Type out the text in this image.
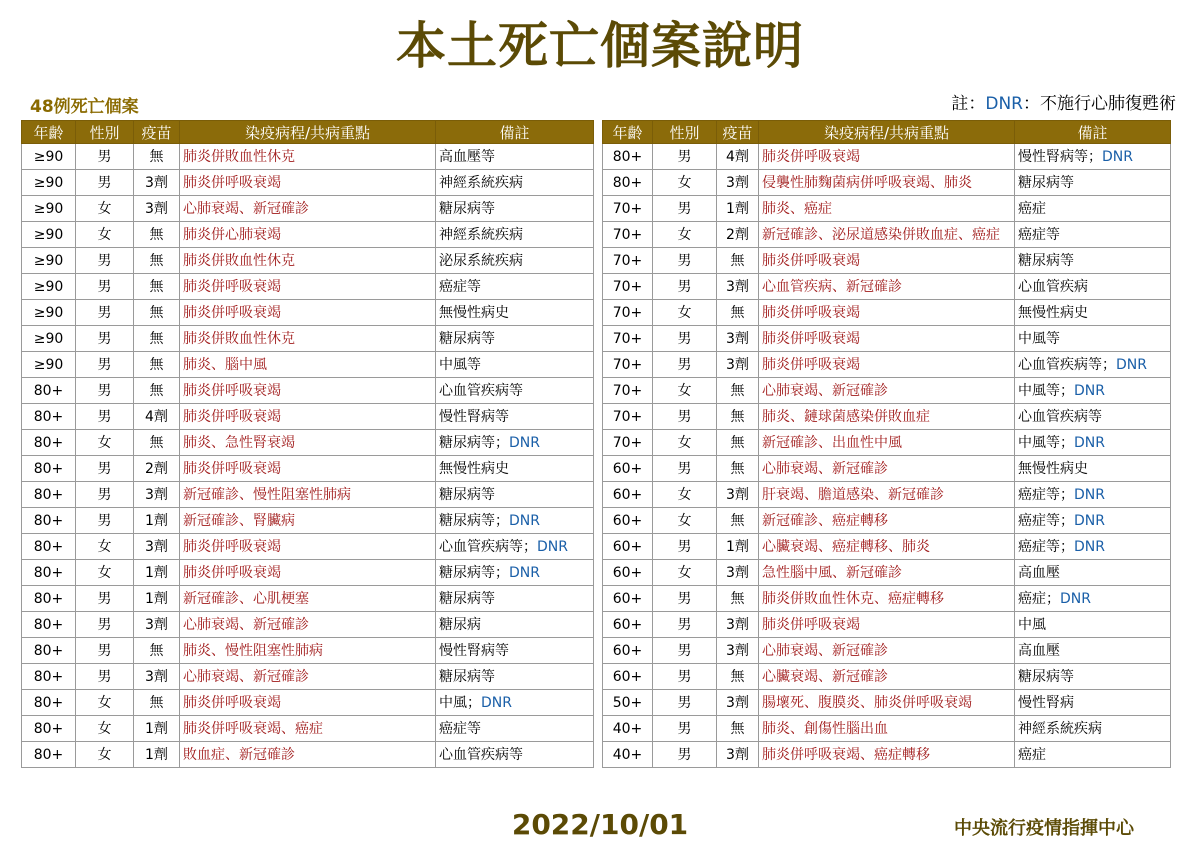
本土死亡個案說明
48例死亡個案	註：DNR：不施行心肺復甦術
年齡	性別	疫苗	染疫病程/共病重點	備註
≥90	男	無	肺炎併敗血性休克	高血壓等
≥90	男	3劑	肺炎併呼吸衰竭	神經系統疾病
≥90	女	3劑	心肺衰竭、新冠確診	糖尿病等
≥90	女	無	肺炎併心肺衰竭	神經系統疾病
≥90	男	無	肺炎併敗血性休克	泌尿系統疾病
≥90	男	無	肺炎併呼吸衰竭	癌症等
≥90	男	無	肺炎併呼吸衰竭	無慢性病史
≥90	男	無	肺炎併敗血性休克	糖尿病等
≥90	男	無	肺炎、腦中風	中風等
80+	男	無	肺炎併呼吸衰竭	心血管疾病等
80+	男	4劑	肺炎併呼吸衰竭	慢性腎病等
80+	女	無	肺炎、急性腎衰竭	糖尿病等；DNR
80+	男	2劑	肺炎併呼吸衰竭	無慢性病史
80+	男	3劑	新冠確診、慢性阻塞性肺病	糖尿病等
80+	男	1劑	新冠確診、腎臟病	糖尿病等；DNR
80+	女	3劑	肺炎併呼吸衰竭	心血管疾病等；DNR
80+	女	1劑	肺炎併呼吸衰竭	糖尿病等；DNR
80+	男	1劑	新冠確診、心肌梗塞	糖尿病等
80+	男	3劑	心肺衰竭、新冠確診	糖尿病
80+	男	無	肺炎、慢性阻塞性肺病	慢性腎病等
80+	男	3劑	心肺衰竭、新冠確診	糖尿病等
80+	女	無	肺炎併呼吸衰竭	中風；DNR
80+	女	1劑	肺炎併呼吸衰竭、癌症	癌症等
80+	女	1劑	敗血症、新冠確診	心血管疾病等
年齡	性別	疫苗	染疫病程/共病重點	備註
80+	男	4劑	肺炎併呼吸衰竭	慢性腎病等；DNR
80+	女	3劑	侵襲性肺麴菌病併呼吸衰竭、肺炎	糖尿病等
70+	男	1劑	肺炎、癌症	癌症
70+	女	2劑	新冠確診、泌尿道感染併敗血症、癌症	癌症等
70+	男	無	肺炎併呼吸衰竭	糖尿病等
70+	男	3劑	心血管疾病、新冠確診	心血管疾病
70+	女	無	肺炎併呼吸衰竭	無慢性病史
70+	男	3劑	肺炎併呼吸衰竭	中風等
70+	男	3劑	肺炎併呼吸衰竭	心血管疾病等；DNR
70+	女	無	心肺衰竭、新冠確診	中風等；DNR
70+	男	無	肺炎、鏈球菌感染併敗血症	心血管疾病等
70+	女	無	新冠確診、出血性中風	中風等；DNR
60+	男	無	心肺衰竭、新冠確診	無慢性病史
60+	女	3劑	肝衰竭、膽道感染、新冠確診	癌症等；DNR
60+	女	無	新冠確診、癌症轉移	癌症等；DNR
60+	男	1劑	心臟衰竭、癌症轉移、肺炎	癌症等；DNR
60+	女	3劑	急性腦中風、新冠確診	高血壓
60+	男	無	肺炎併敗血性休克、癌症轉移	癌症；DNR
60+	男	3劑	肺炎併呼吸衰竭	中風
60+	男	3劑	心肺衰竭、新冠確診	高血壓
60+	男	無	心臟衰竭、新冠確診	糖尿病等
50+	男	3劑	腸壞死、腹膜炎、肺炎併呼吸衰竭	慢性腎病
40+	男	無	肺炎、創傷性腦出血	神經系統疾病
40+	男	3劑	肺炎併呼吸衰竭、癌症轉移	癌症
2022/10/01	中央流行疫情指揮中心
